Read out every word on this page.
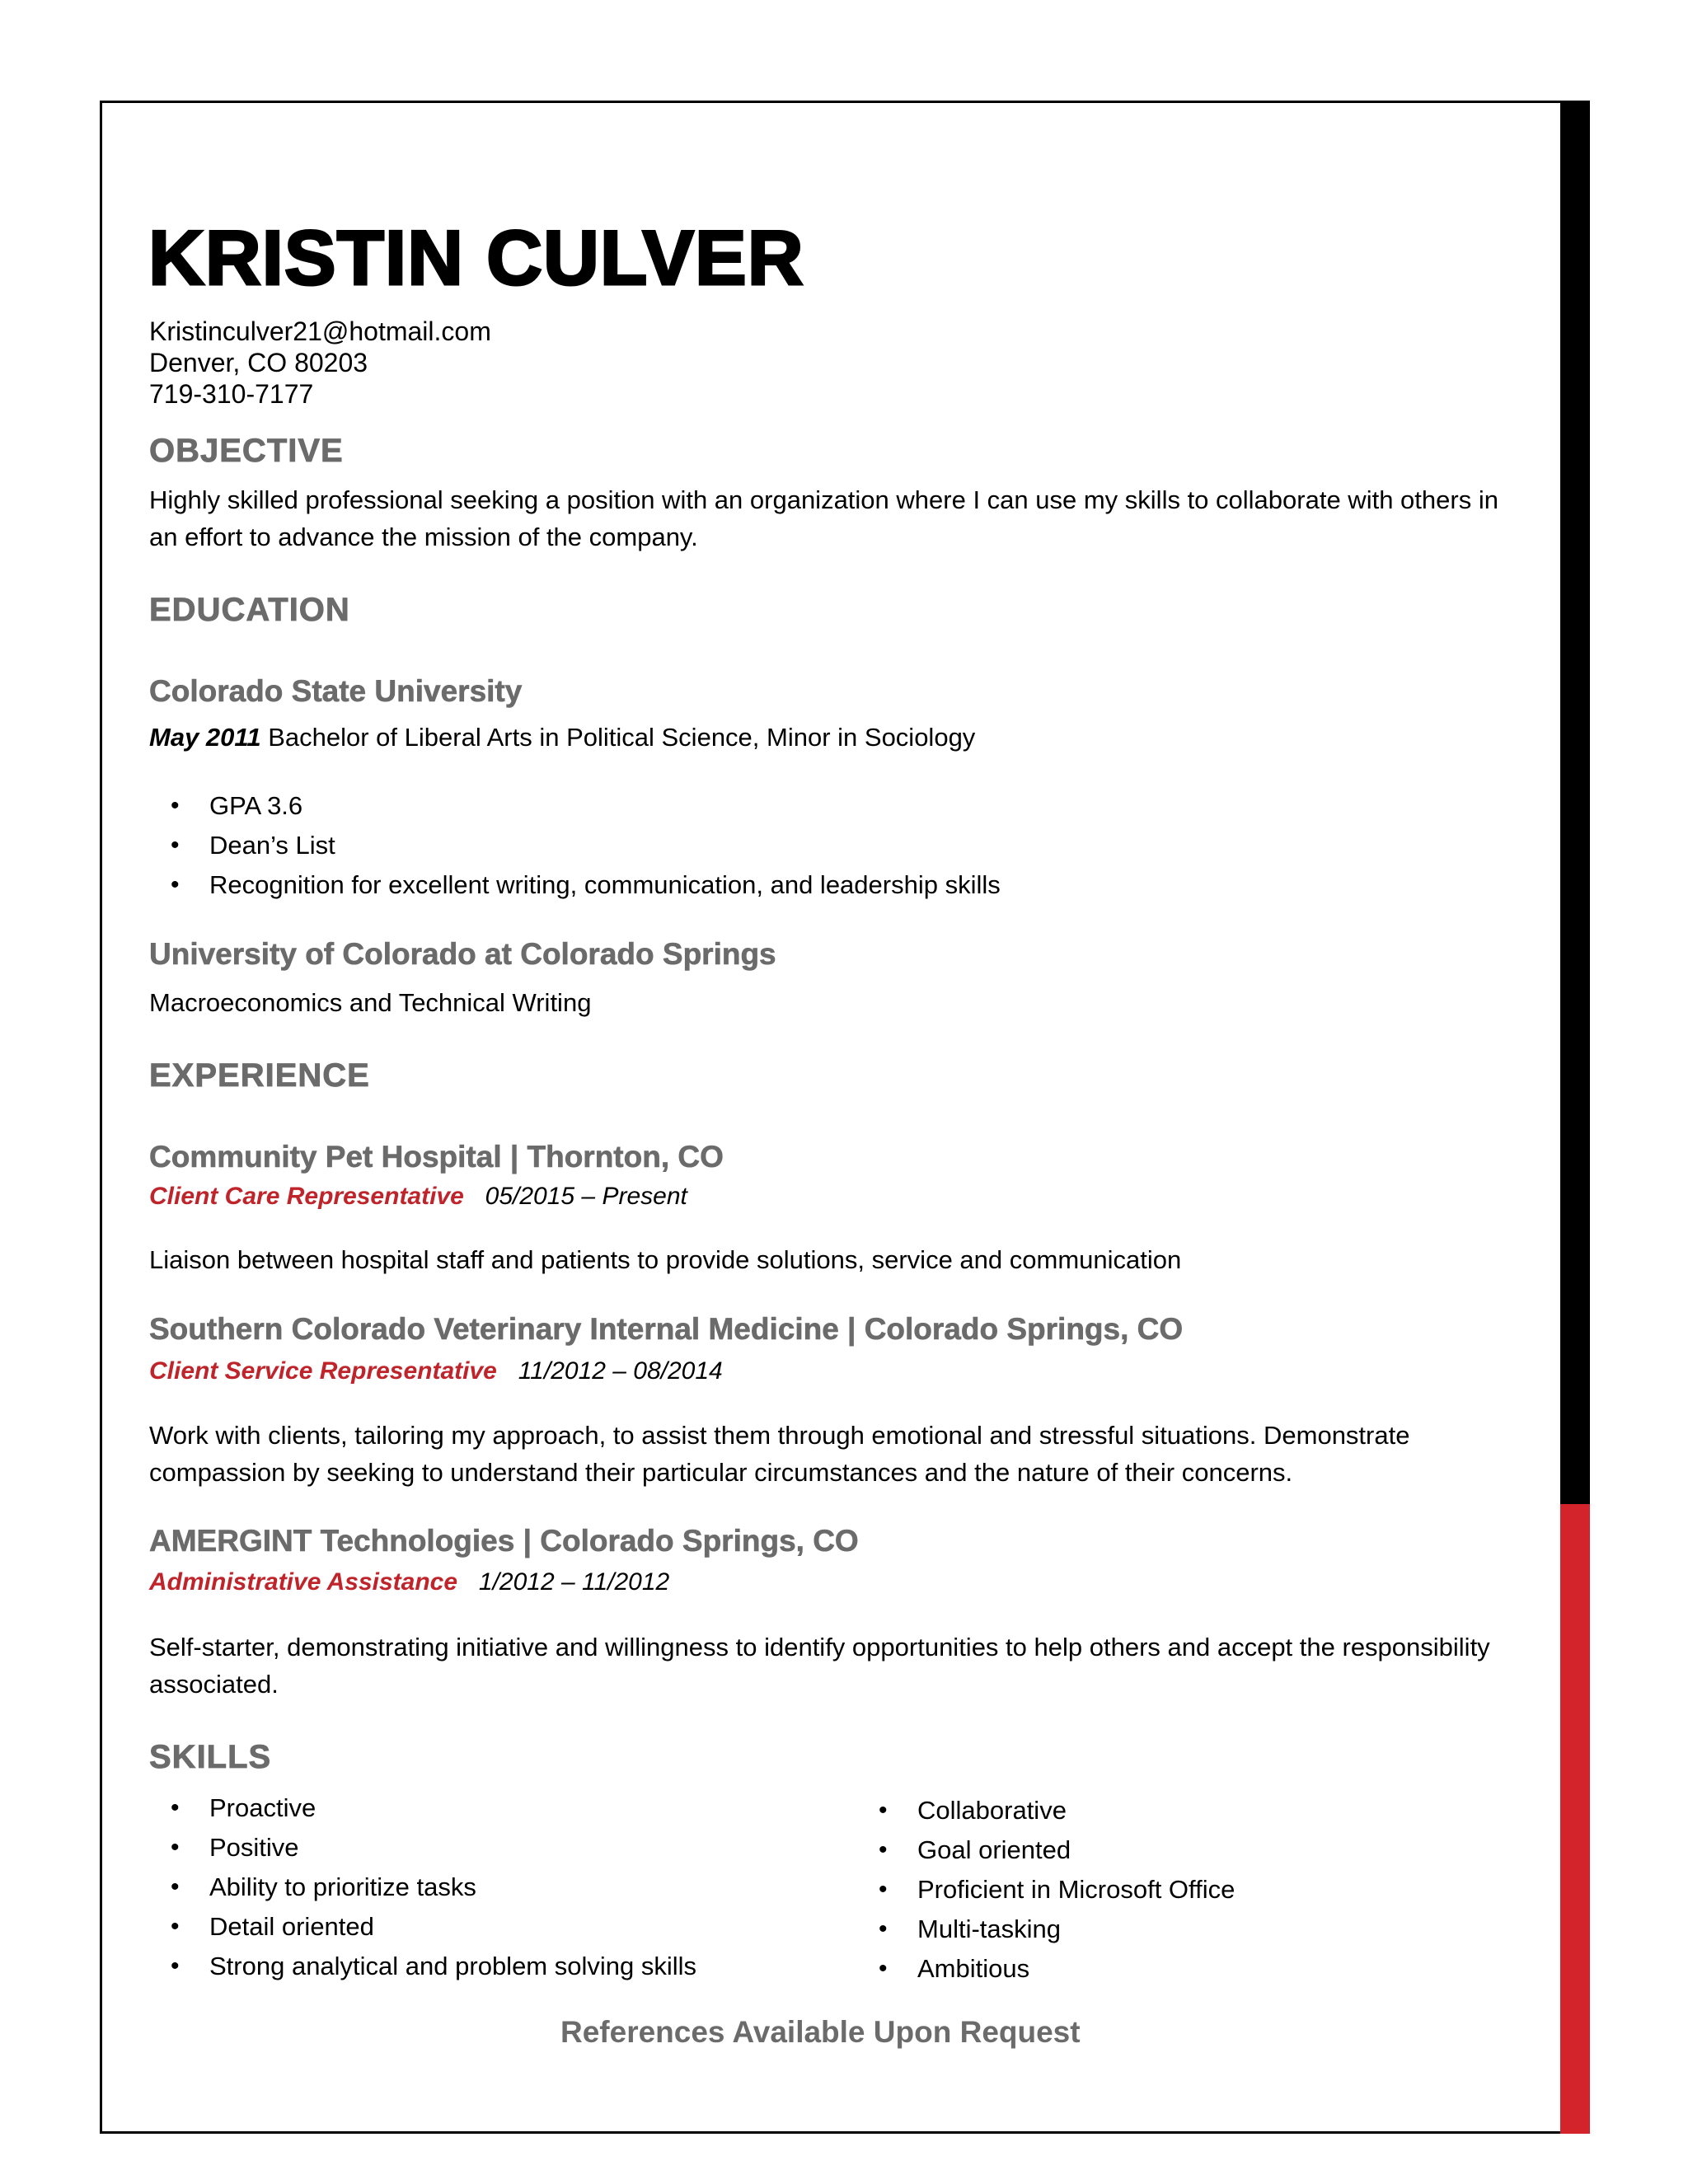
KRISTIN CULVER
Kristinculver21@hotmail.com
Denver, CO 80203
719-310-7177
OBJECTIVE
Highly skilled professional seeking a position with an organization where I can use my skills to collaborate with others in an effort to advance the mission of the company.
EDUCATION
Colorado State University
May 2011 Bachelor of Liberal Arts in Political Science, Minor in Sociology
• GPA 3.6
• Dean’s List
• Recognition for excellent writing, communication, and leadership skills
University of Colorado at Colorado Springs
Macroeconomics and Technical Writing
EXPERIENCE
Community Pet Hospital | Thornton, CO
Client Care Representative 05/2015 – Present
Liaison between hospital staff and patients to provide solutions, service and communication
Southern Colorado Veterinary Internal Medicine | Colorado Springs, CO
Client Service Representative 11/2012 – 08/2014
Work with clients, tailoring my approach, to assist them through emotional and stressful situations. Demonstrate compassion by seeking to understand their particular circumstances and the nature of their concerns.
AMERGINT Technologies | Colorado Springs, CO
Administrative Assistance 1/2012 – 11/2012
Self-starter, demonstrating initiative and willingness to identify opportunities to help others and accept the responsibility associated.
SKILLS
• Proactive
• Positive
• Ability to prioritize tasks
• Detail oriented
• Strong analytical and problem solving skills
• Collaborative
• Goal oriented
• Proficient in Microsoft Office
• Multi-tasking
• Ambitious
References Available Upon Request
